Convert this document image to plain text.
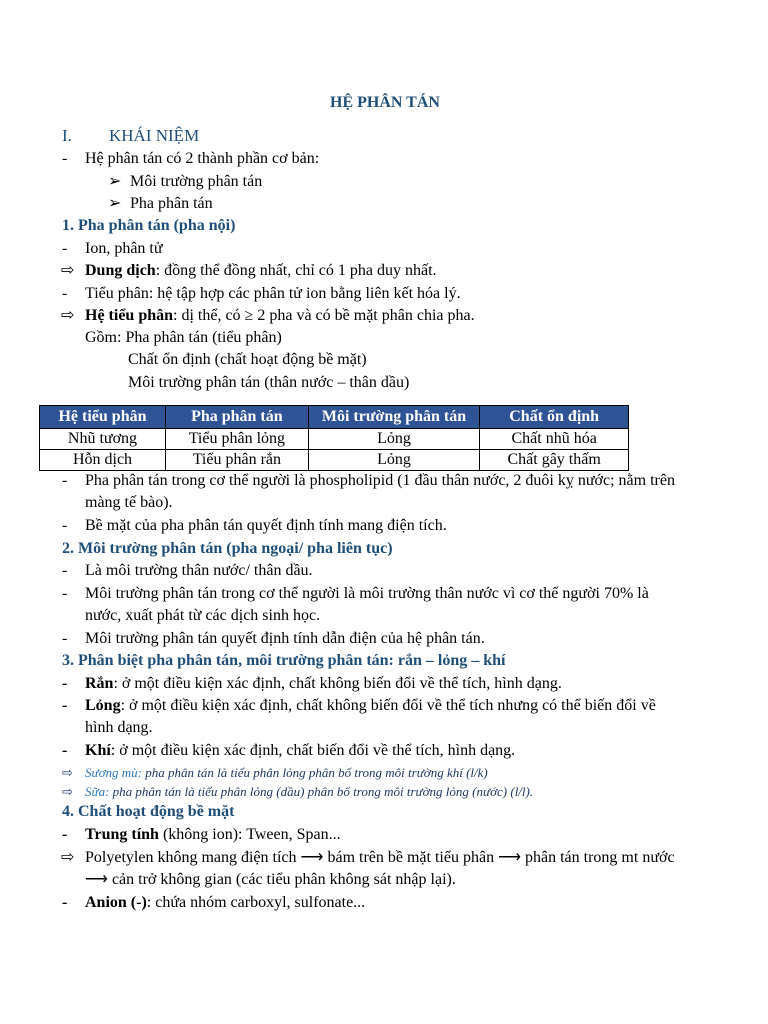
HỆ PHÂN TÁN
I. KHÁI NIỆM
- Hệ phân tán có 2 thành phần cơ bản:
➢ Môi trường phân tán
➢ Pha phân tán
1. Pha phân tán (pha nội)
- Ion, phân tử
⇨ Dung dịch: đồng thể đồng nhất, chỉ có 1 pha duy nhất.
- Tiểu phân: hệ tập hợp các phân tử ion bằng liên kết hóa lý.
⇨ Hệ tiểu phân: dị thể, có ≥ 2 pha và có bề mặt phân chia pha.
Gồm: Pha phân tán (tiểu phân)
Chất ổn định (chất hoạt động bề mặt)
Môi trường phân tán (thân nước – thân dầu)
Hệ tiểu phân	Pha phân tán	Môi trường phân tán	Chất ổn định
Nhũ tương	Tiểu phân lỏng	Lỏng	Chất nhũ hóa
Hỗn dịch	Tiểu phân rắn	Lỏng	Chất gây thấm
- Pha phân tán trong cơ thể người là phospholipid (1 đầu thân nước, 2 đuôi kỵ nước; nằm trên
màng tế bào).
- Bề mặt của pha phân tán quyết định tính mang điện tích.
2. Môi trường phân tán (pha ngoại/ pha liên tục)
- Là môi trường thân nước/ thân dầu.
- Môi trường phân tán trong cơ thể người là môi trường thân nước vì cơ thể người 70% là
nước, xuất phát từ các dịch sinh học.
- Môi trường phân tán quyết định tính dẫn điện của hệ phân tán.
3. Phân biệt pha phân tán, môi trường phân tán: rắn – lỏng – khí
- Rắn: ở một điều kiện xác định, chất không biến đổi về thể tích, hình dạng.
- Lỏng: ở một điều kiện xác định, chất không biến đổi về thể tích nhưng có thể biến đổi về
hình dạng.
- Khí: ở một điều kiện xác định, chất biến đổi về thể tích, hình dạng.
⇨ Sương mù: pha phân tán là tiểu phân lỏng phân bố trong môi trường khí (l/k)
⇨ Sữa: pha phân tán là tiểu phân lỏng (dầu) phân bố trong môi trường lỏng (nước) (l/l).
4. Chất hoạt động bề mặt
- Trung tính (không ion): Tween, Span...
⇨ Polyetylen không mang điện tích ⟶ bám trên bề mặt tiểu phân ⟶ phân tán trong mt nước
⟶ cản trở không gian (các tiểu phân không sát nhập lại).
- Anion (-): chứa nhóm carboxyl, sulfonate...
